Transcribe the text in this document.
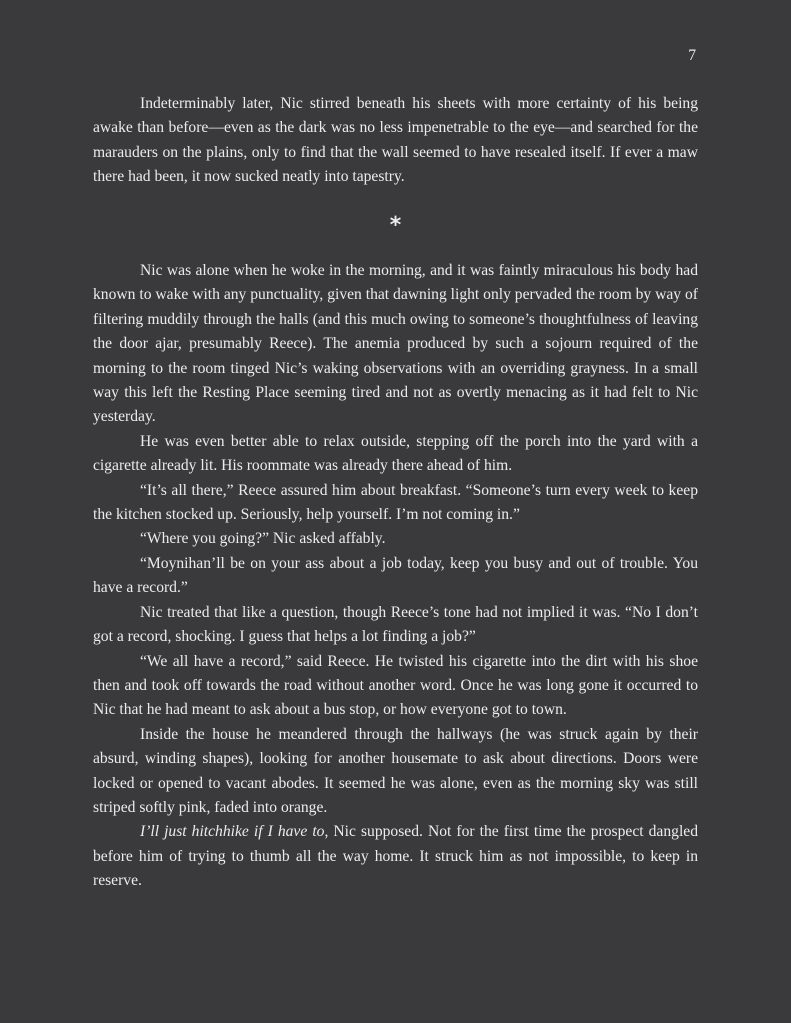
7

Indeterminably later, Nic stirred beneath his sheets with more certainty of his being awake than before—even as the dark was no less impenetrable to the eye—and searched for the marauders on the plains, only to find that the wall seemed to have resealed itself. If ever a maw there had been, it now sucked neatly into tapestry.

*

Nic was alone when he woke in the morning, and it was faintly miraculous his body had known to wake with any punctuality, given that dawning light only pervaded the room by way of filtering muddily through the halls (and this much owing to someone’s thoughtfulness of leaving the door ajar, presumably Reece). The anemia produced by such a sojourn required of the morning to the room tinged Nic’s waking observations with an overriding grayness. In a small way this left the Resting Place seeming tired and not as overtly menacing as it had felt to Nic yesterday.

He was even better able to relax outside, stepping off the porch into the yard with a cigarette already lit. His roommate was already there ahead of him.

“It’s all there,” Reece assured him about breakfast. “Someone’s turn every week to keep the kitchen stocked up. Seriously, help yourself. I’m not coming in.”

“Where you going?” Nic asked affably.

“Moynihan’ll be on your ass about a job today, keep you busy and out of trouble. You have a record.”

Nic treated that like a question, though Reece’s tone had not implied it was. “No I don’t got a record, shocking. I guess that helps a lot finding a job?”

“We all have a record,” said Reece. He twisted his cigarette into the dirt with his shoe then and took off towards the road without another word. Once he was long gone it occurred to Nic that he had meant to ask about a bus stop, or how everyone got to town.

Inside the house he meandered through the hallways (he was struck again by their absurd, winding shapes), looking for another housemate to ask about directions. Doors were locked or opened to vacant abodes. It seemed he was alone, even as the morning sky was still striped softly pink, faded into orange.

I’ll just hitchhike if I have to, Nic supposed. Not for the first time the prospect dangled before him of trying to thumb all the way home. It struck him as not impossible, to keep in reserve.
